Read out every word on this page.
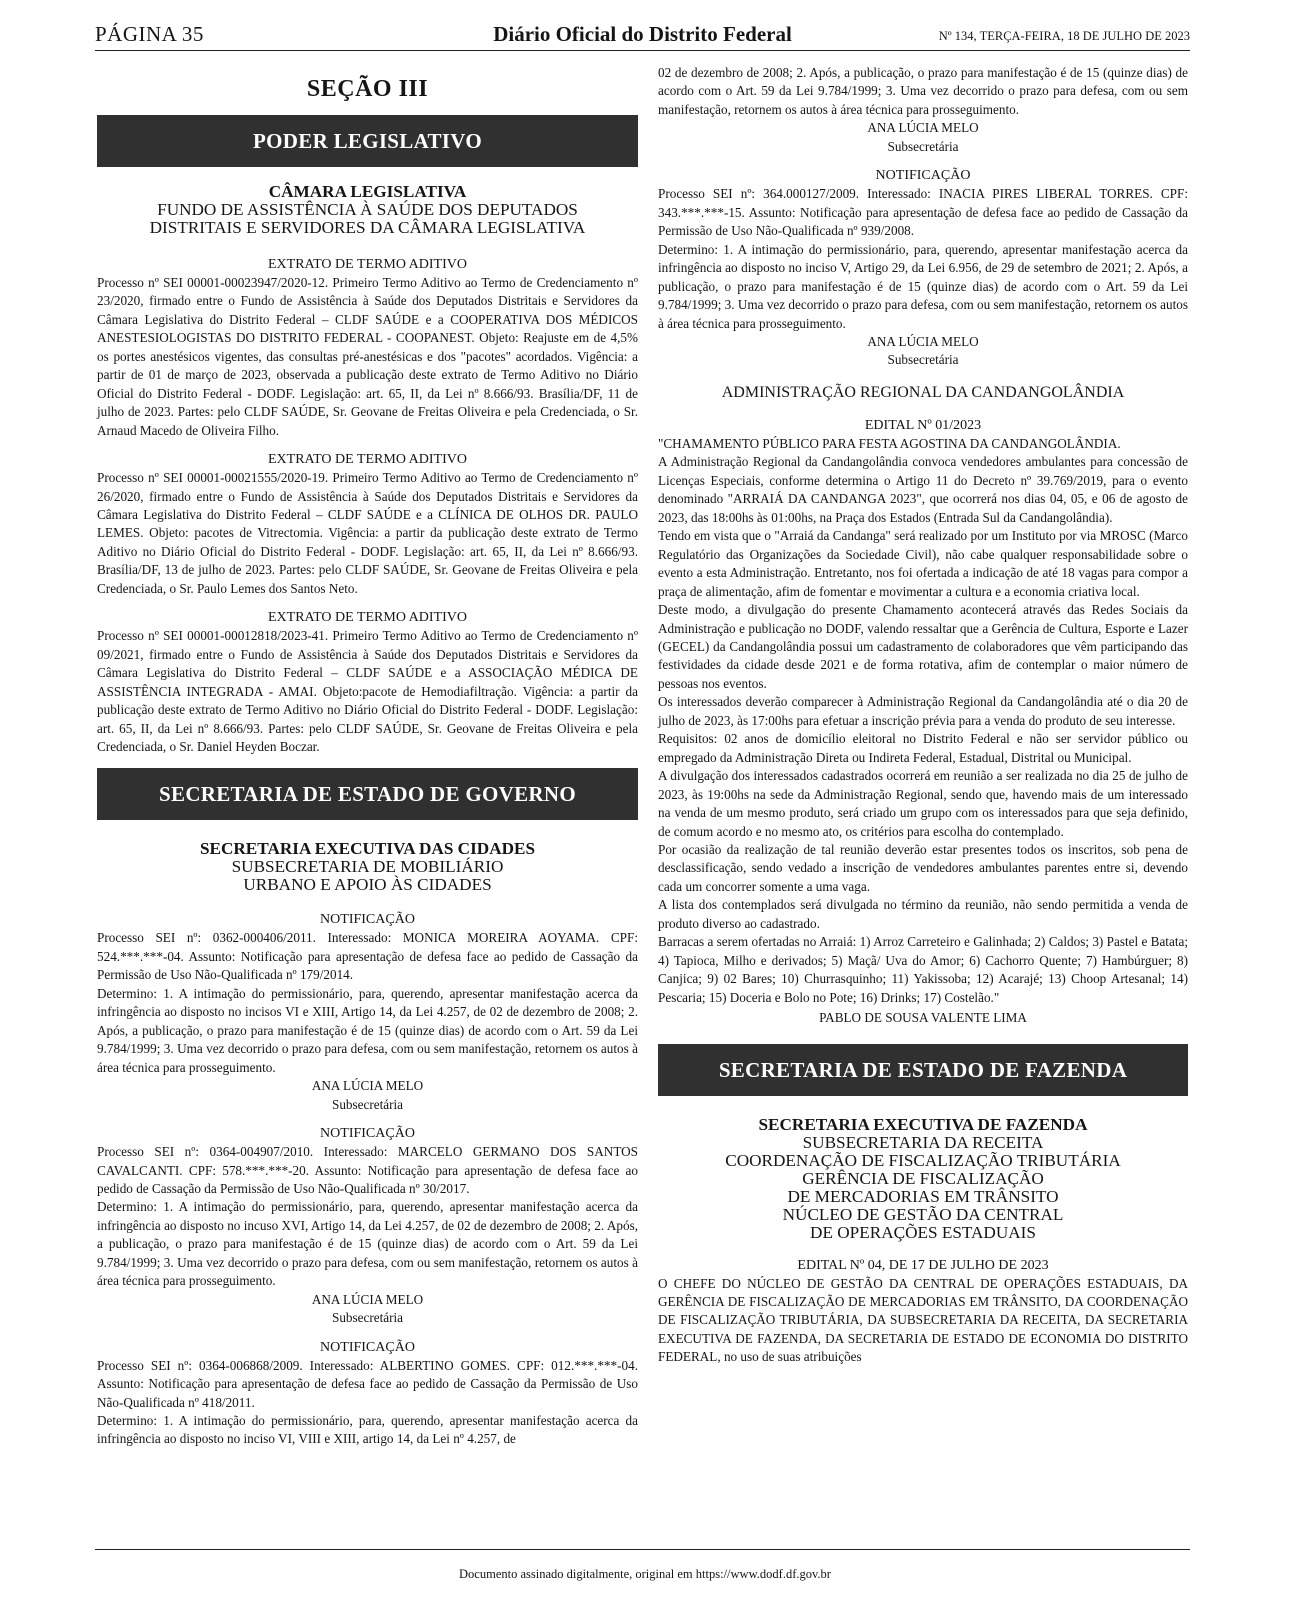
PÁGINA 35	Diário Oficial do Distrito Federal	Nº 134, TERÇA-FEIRA, 18 DE JULHO DE 2023
SEÇÃO III
PODER LEGISLATIVO
CÂMARA LEGISLATIVA
FUNDO DE ASSISTÊNCIA À SAÚDE DOS DEPUTADOS
DISTRITAIS E SERVIDORES DA CÂMARA LEGISLATIVA
EXTRATO DE TERMO ADITIVO
Processo nº SEI 00001-00023947/2020-12. Primeiro Termo Aditivo ao Termo de Credenciamento nº 23/2020, firmado entre o Fundo de Assistência à Saúde dos Deputados Distritais e Servidores da Câmara Legislativa do Distrito Federal – CLDF SAÚDE e a COOPERATIVA DOS MÉDICOS ANESTESIOLOGISTAS DO DISTRITO FEDERAL - COOPANEST. Objeto: Reajuste em de 4,5% os portes anestésicos vigentes, das consultas pré-anestésicas e dos "pacotes" acordados. Vigência: a partir de 01 de março de 2023, observada a publicação deste extrato de Termo Aditivo no Diário Oficial do Distrito Federal - DODF. Legislação: art. 65, II, da Lei nº 8.666/93. Brasília/DF, 11 de julho de 2023. Partes: pelo CLDF SAÚDE, Sr. Geovane de Freitas Oliveira e pela Credenciada, o Sr. Arnaud Macedo de Oliveira Filho.
EXTRATO DE TERMO ADITIVO
Processo nº SEI 00001-00021555/2020-19. Primeiro Termo Aditivo ao Termo de Credenciamento nº 26/2020, firmado entre o Fundo de Assistência à Saúde dos Deputados Distritais e Servidores da Câmara Legislativa do Distrito Federal – CLDF SAÚDE e a CLÍNICA DE OLHOS DR. PAULO LEMES. Objeto: pacotes de Vitrectomia. Vigência: a partir da publicação deste extrato de Termo Aditivo no Diário Oficial do Distrito Federal - DODF. Legislação: art. 65, II, da Lei nº 8.666/93. Brasília/DF, 13 de julho de 2023. Partes: pelo CLDF SAÚDE, Sr. Geovane de Freitas Oliveira e pela Credenciada, o Sr. Paulo Lemes dos Santos Neto.
EXTRATO DE TERMO ADITIVO
Processo nº SEI 00001-00012818/2023-41. Primeiro Termo Aditivo ao Termo de Credenciamento nº 09/2021, firmado entre o Fundo de Assistência à Saúde dos Deputados Distritais e Servidores da Câmara Legislativa do Distrito Federal – CLDF SAÚDE e a ASSOCIAÇÃO MÉDICA DE ASSISTÊNCIA INTEGRADA - AMAI. Objeto:pacote de Hemodiafiltração. Vigência: a partir da publicação deste extrato de Termo Aditivo no Diário Oficial do Distrito Federal - DODF. Legislação: art. 65, II, da Lei nº 8.666/93. Partes: pelo CLDF SAÚDE, Sr. Geovane de Freitas Oliveira e pela Credenciada, o Sr. Daniel Heyden Boczar.
SECRETARIA DE ESTADO DE GOVERNO
SECRETARIA EXECUTIVA DAS CIDADES
SUBSECRETARIA DE MOBILIÁRIO
URBANO E APOIO ÀS CIDADES
NOTIFICAÇÃO
Processo SEI nº: 0362-000406/2011. Interessado: MONICA MOREIRA AOYAMA. CPF: 524.***.***-04. Assunto: Notificação para apresentação de defesa face ao pedido de Cassação da Permissão de Uso Não-Qualificada nº 179/2014.
Determino: 1. A intimação do permissionário, para, querendo, apresentar manifestação acerca da infringência ao disposto no incisos VI e XIII, Artigo 14, da Lei 4.257, de 02 de dezembro de 2008; 2. Após, a publicação, o prazo para manifestação é de 15 (quinze dias) de acordo com o Art. 59 da Lei 9.784/1999; 3. Uma vez decorrido o prazo para defesa, com ou sem manifestação, retornem os autos à área técnica para prosseguimento.
ANA LÚCIA MELO
Subsecretária
NOTIFICAÇÃO
Processo SEI nº: 0364-004907/2010. Interessado: MARCELO GERMANO DOS SANTOS CAVALCANTI. CPF: 578.***.***-20. Assunto: Notificação para apresentação de defesa face ao pedido de Cassação da Permissão de Uso Não-Qualificada nº 30/2017.
Determino: 1. A intimação do permissionário, para, querendo, apresentar manifestação acerca da infringência ao disposto no incuso XVI, Artigo 14, da Lei 4.257, de 02 de dezembro de 2008; 2. Após, a publicação, o prazo para manifestação é de 15 (quinze dias) de acordo com o Art. 59 da Lei 9.784/1999; 3. Uma vez decorrido o prazo para defesa, com ou sem manifestação, retornem os autos à área técnica para prosseguimento.
ANA LÚCIA MELO
Subsecretária
NOTIFICAÇÃO
Processo SEI nº: 0364-006868/2009. Interessado: ALBERTINO GOMES. CPF: 012.***.***-04. Assunto: Notificação para apresentação de defesa face ao pedido de Cassação da Permissão de Uso Não-Qualificada nº 418/2011.
Determino: 1. A intimação do permissionário, para, querendo, apresentar manifestação acerca da infringência ao disposto no inciso VI, VIII e XIII, artigo 14, da Lei nº 4.257, de
02 de dezembro de 2008; 2. Após, a publicação, o prazo para manifestação é de 15 (quinze dias) de acordo com o Art. 59 da Lei 9.784/1999; 3. Uma vez decorrido o prazo para defesa, com ou sem manifestação, retornem os autos à área técnica para prosseguimento.
ANA LÚCIA MELO
Subsecretária
NOTIFICAÇÃO
Processo SEI nº: 364.000127/2009. Interessado: INACIA PIRES LIBERAL TORRES. CPF: 343.***.***-15. Assunto: Notificação para apresentação de defesa face ao pedido de Cassação da Permissão de Uso Não-Qualificada nº 939/2008.
Determino: 1. A intimação do permissionário, para, querendo, apresentar manifestação acerca da infringência ao disposto no inciso V, Artigo 29, da Lei 6.956, de 29 de setembro de 2021; 2. Após, a publicação, o prazo para manifestação é de 15 (quinze dias) de acordo com o Art. 59 da Lei 9.784/1999; 3. Uma vez decorrido o prazo para defesa, com ou sem manifestação, retornem os autos à área técnica para prosseguimento.
ANA LÚCIA MELO
Subsecretária
ADMINISTRAÇÃO REGIONAL DA CANDANGOLÂNDIA
EDITAL Nº 01/2023
"CHAMAMENTO PÚBLICO PARA FESTA AGOSTINA DA CANDANGOLÂNDIA.
A Administração Regional da Candangolândia convoca vendedores ambulantes para concessão de Licenças Especiais, conforme determina o Artigo 11 do Decreto nº 39.769/2019, para o evento denominado "ARRAIÁ DA CANDANGA 2023", que ocorrerá nos dias 04, 05, e 06 de agosto de 2023, das 18:00hs às 01:00hs, na Praça dos Estados (Entrada Sul da Candangolândia).
Tendo em vista que o "Arraiá da Candanga" será realizado por um Instituto por via MROSC (Marco Regulatório das Organizações da Sociedade Civil), não cabe qualquer responsabilidade sobre o evento a esta Administração. Entretanto, nos foi ofertada a indicação de até 18 vagas para compor a praça de alimentação, afim de fomentar e movimentar a cultura e a economia criativa local.
Deste modo, a divulgação do presente Chamamento acontecerá através das Redes Sociais da Administração e publicação no DODF, valendo ressaltar que a Gerência de Cultura, Esporte e Lazer (GECEL) da Candangolândia possui um cadastramento de colaboradores que vêm participando das festividades da cidade desde 2021 e de forma rotativa, afim de contemplar o maior número de pessoas nos eventos.
Os interessados deverão comparecer à Administração Regional da Candangolândia até o dia 20 de julho de 2023, às 17:00hs para efetuar a inscrição prévia para a venda do produto de seu interesse.
Requisitos: 02 anos de domicílio eleitoral no Distrito Federal e não ser servidor público ou empregado da Administração Direta ou Indireta Federal, Estadual, Distrital ou Municipal.
A divulgação dos interessados cadastrados ocorrerá em reunião a ser realizada no dia 25 de julho de 2023, às 19:00hs na sede da Administração Regional, sendo que, havendo mais de um interessado na venda de um mesmo produto, será criado um grupo com os interessados para que seja definido, de comum acordo e no mesmo ato, os critérios para escolha do contemplado.
Por ocasião da realização de tal reunião deverão estar presentes todos os inscritos, sob pena de desclassificação, sendo vedado a inscrição de vendedores ambulantes parentes entre si, devendo cada um concorrer somente a uma vaga.
A lista dos contemplados será divulgada no término da reunião, não sendo permitida a venda de produto diverso ao cadastrado.
Barracas a serem ofertadas no Arraiá: 1) Arroz Carreteiro e Galinhada; 2) Caldos; 3) Pastel e Batata; 4) Tapioca, Milho e derivados; 5) Maçã/ Uva do Amor; 6) Cachorro Quente; 7) Hambúrguer; 8) Canjica; 9) 02 Bares; 10) Churrasquinho; 11) Yakissoba; 12) Acarajé; 13) Choop Artesanal; 14) Pescaria; 15) Doceria e Bolo no Pote; 16) Drinks; 17) Costelão."
PABLO DE SOUSA VALENTE LIMA
SECRETARIA DE ESTADO DE FAZENDA
SECRETARIA EXECUTIVA DE FAZENDA
SUBSECRETARIA DA RECEITA
COORDENAÇÃO DE FISCALIZAÇÃO TRIBUTÁRIA
GERÊNCIA DE FISCALIZAÇÃO
DE MERCADORIAS EM TRÂNSITO
NÚCLEO DE GESTÃO DA CENTRAL
DE OPERAÇÕES ESTADUAIS
EDITAL Nº 04, DE 17 DE JULHO DE 2023
O CHEFE DO NÚCLEO DE GESTÃO DA CENTRAL DE OPERAÇÕES ESTADUAIS, DA GERÊNCIA DE FISCALIZAÇÃO DE MERCADORIAS EM TRÂNSITO, DA COORDENAÇÃO DE FISCALIZAÇÃO TRIBUTÁRIA, DA SUBSECRETARIA DA RECEITA, DA SECRETARIA EXECUTIVA DE FAZENDA, DA SECRETARIA DE ESTADO DE ECONOMIA DO DISTRITO FEDERAL, no uso de suas atribuições
Documento assinado digitalmente, original em https://www.dodf.df.gov.br
